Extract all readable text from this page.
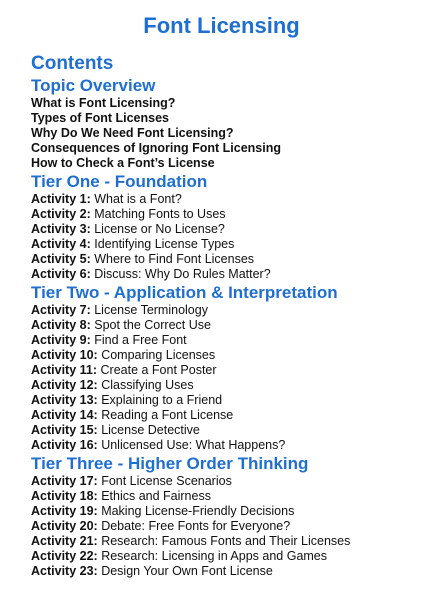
Font Licensing
Contents
Topic Overview
What is Font Licensing?
Types of Font Licenses
Why Do We Need Font Licensing?
Consequences of Ignoring Font Licensing
How to Check a Font’s License
Tier One - Foundation
Activity 1: What is a Font?
Activity 2: Matching Fonts to Uses
Activity 3: License or No License?
Activity 4: Identifying License Types
Activity 5: Where to Find Font Licenses
Activity 6: Discuss: Why Do Rules Matter?
Tier Two - Application & Interpretation
Activity 7: License Terminology
Activity 8: Spot the Correct Use
Activity 9: Find a Free Font
Activity 10: Comparing Licenses
Activity 11: Create a Font Poster
Activity 12: Classifying Uses
Activity 13: Explaining to a Friend
Activity 14: Reading a Font License
Activity 15: License Detective
Activity 16: Unlicensed Use: What Happens?
Tier Three - Higher Order Thinking
Activity 17: Font License Scenarios
Activity 18: Ethics and Fairness
Activity 19: Making License-Friendly Decisions
Activity 20: Debate: Free Fonts for Everyone?
Activity 21: Research: Famous Fonts and Their Licenses
Activity 22: Research: Licensing in Apps and Games
Activity 23: Design Your Own Font License
